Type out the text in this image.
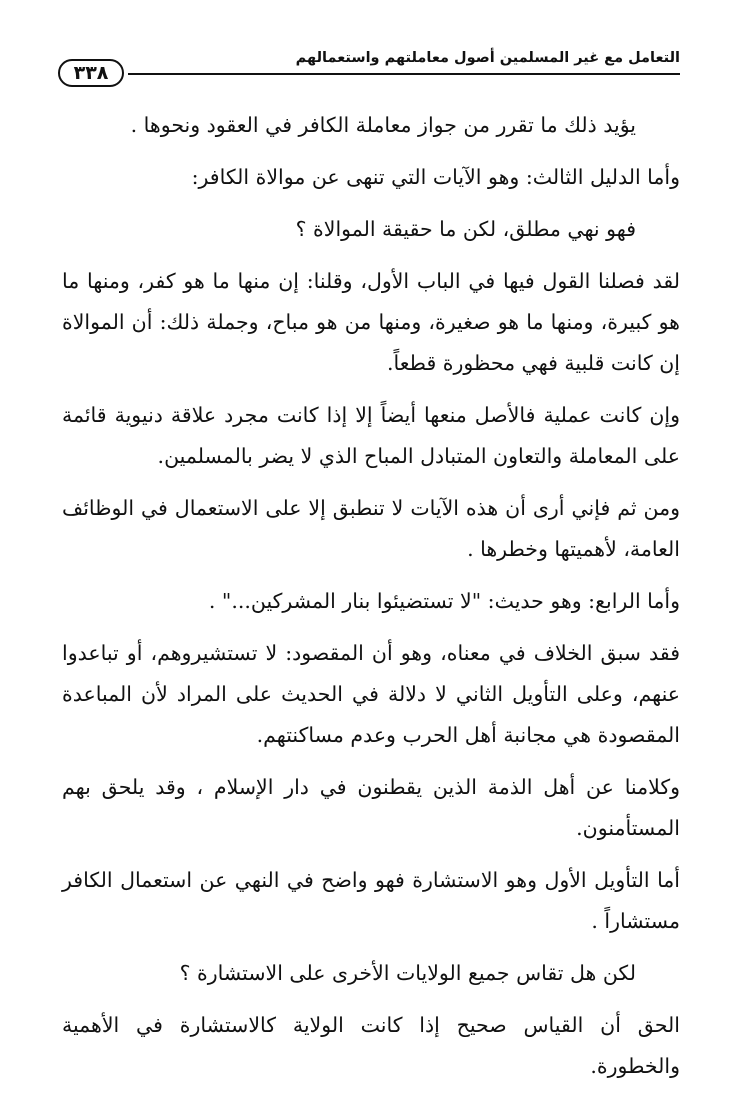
التعامل مع غير المسلمين أصول معاملتهم واستعمالهم
٣٣٨

يؤيد ذلك ما تقرر من جواز معاملة الكافر في العقود ونحوها .

وأما الدليل الثالث: وهو الآيات التي تنهى عن موالاة الكافر:

فهو نهي مطلق، لكن ما حقيقة الموالاة ؟

لقد فصلنا القول فيها في الباب الأول، وقلنا: إن منها ما هو كفر، ومنها ما هو كبيرة، ومنها ما هو صغيرة، ومنها من هو مباح، وجملة ذلك: أن الموالاة إن كانت قلبية فهي محظورة قطعاً.

وإن كانت عملية فالأصل منعها أيضاً إلا إذا كانت مجرد علاقة دنيوية قائمة على المعاملة والتعاون المتبادل المباح الذي لا يضر بالمسلمين.

ومن ثم فإني أرى أن هذه الآيات لا تنطبق إلا على الاستعمال في الوظائف العامة، لأهميتها وخطرها .

وأما الرابع: وهو حديث: "لا تستضيئوا بنار المشركين..." .

فقد سبق الخلاف في معناه، وهو أن المقصود: لا تستشيروهم، أو تباعدوا عنهم، وعلى التأويل الثاني لا دلالة في الحديث على المراد لأن المباعدة المقصودة هي مجانبة أهل الحرب وعدم مساكنتهم.

وكلامنا عن أهل الذمة الذين يقطنون في دار الإسلام ، وقد يلحق بهم المستأمنون.

أما التأويل الأول وهو الاستشارة فهو واضح في النهي عن استعمال الكافر مستشاراً .

لكن هل تقاس جميع الولايات الأخرى على الاستشارة ؟

الحق أن القياس صحيح إذا كانت الولاية كالاستشارة في الأهمية والخطورة.
